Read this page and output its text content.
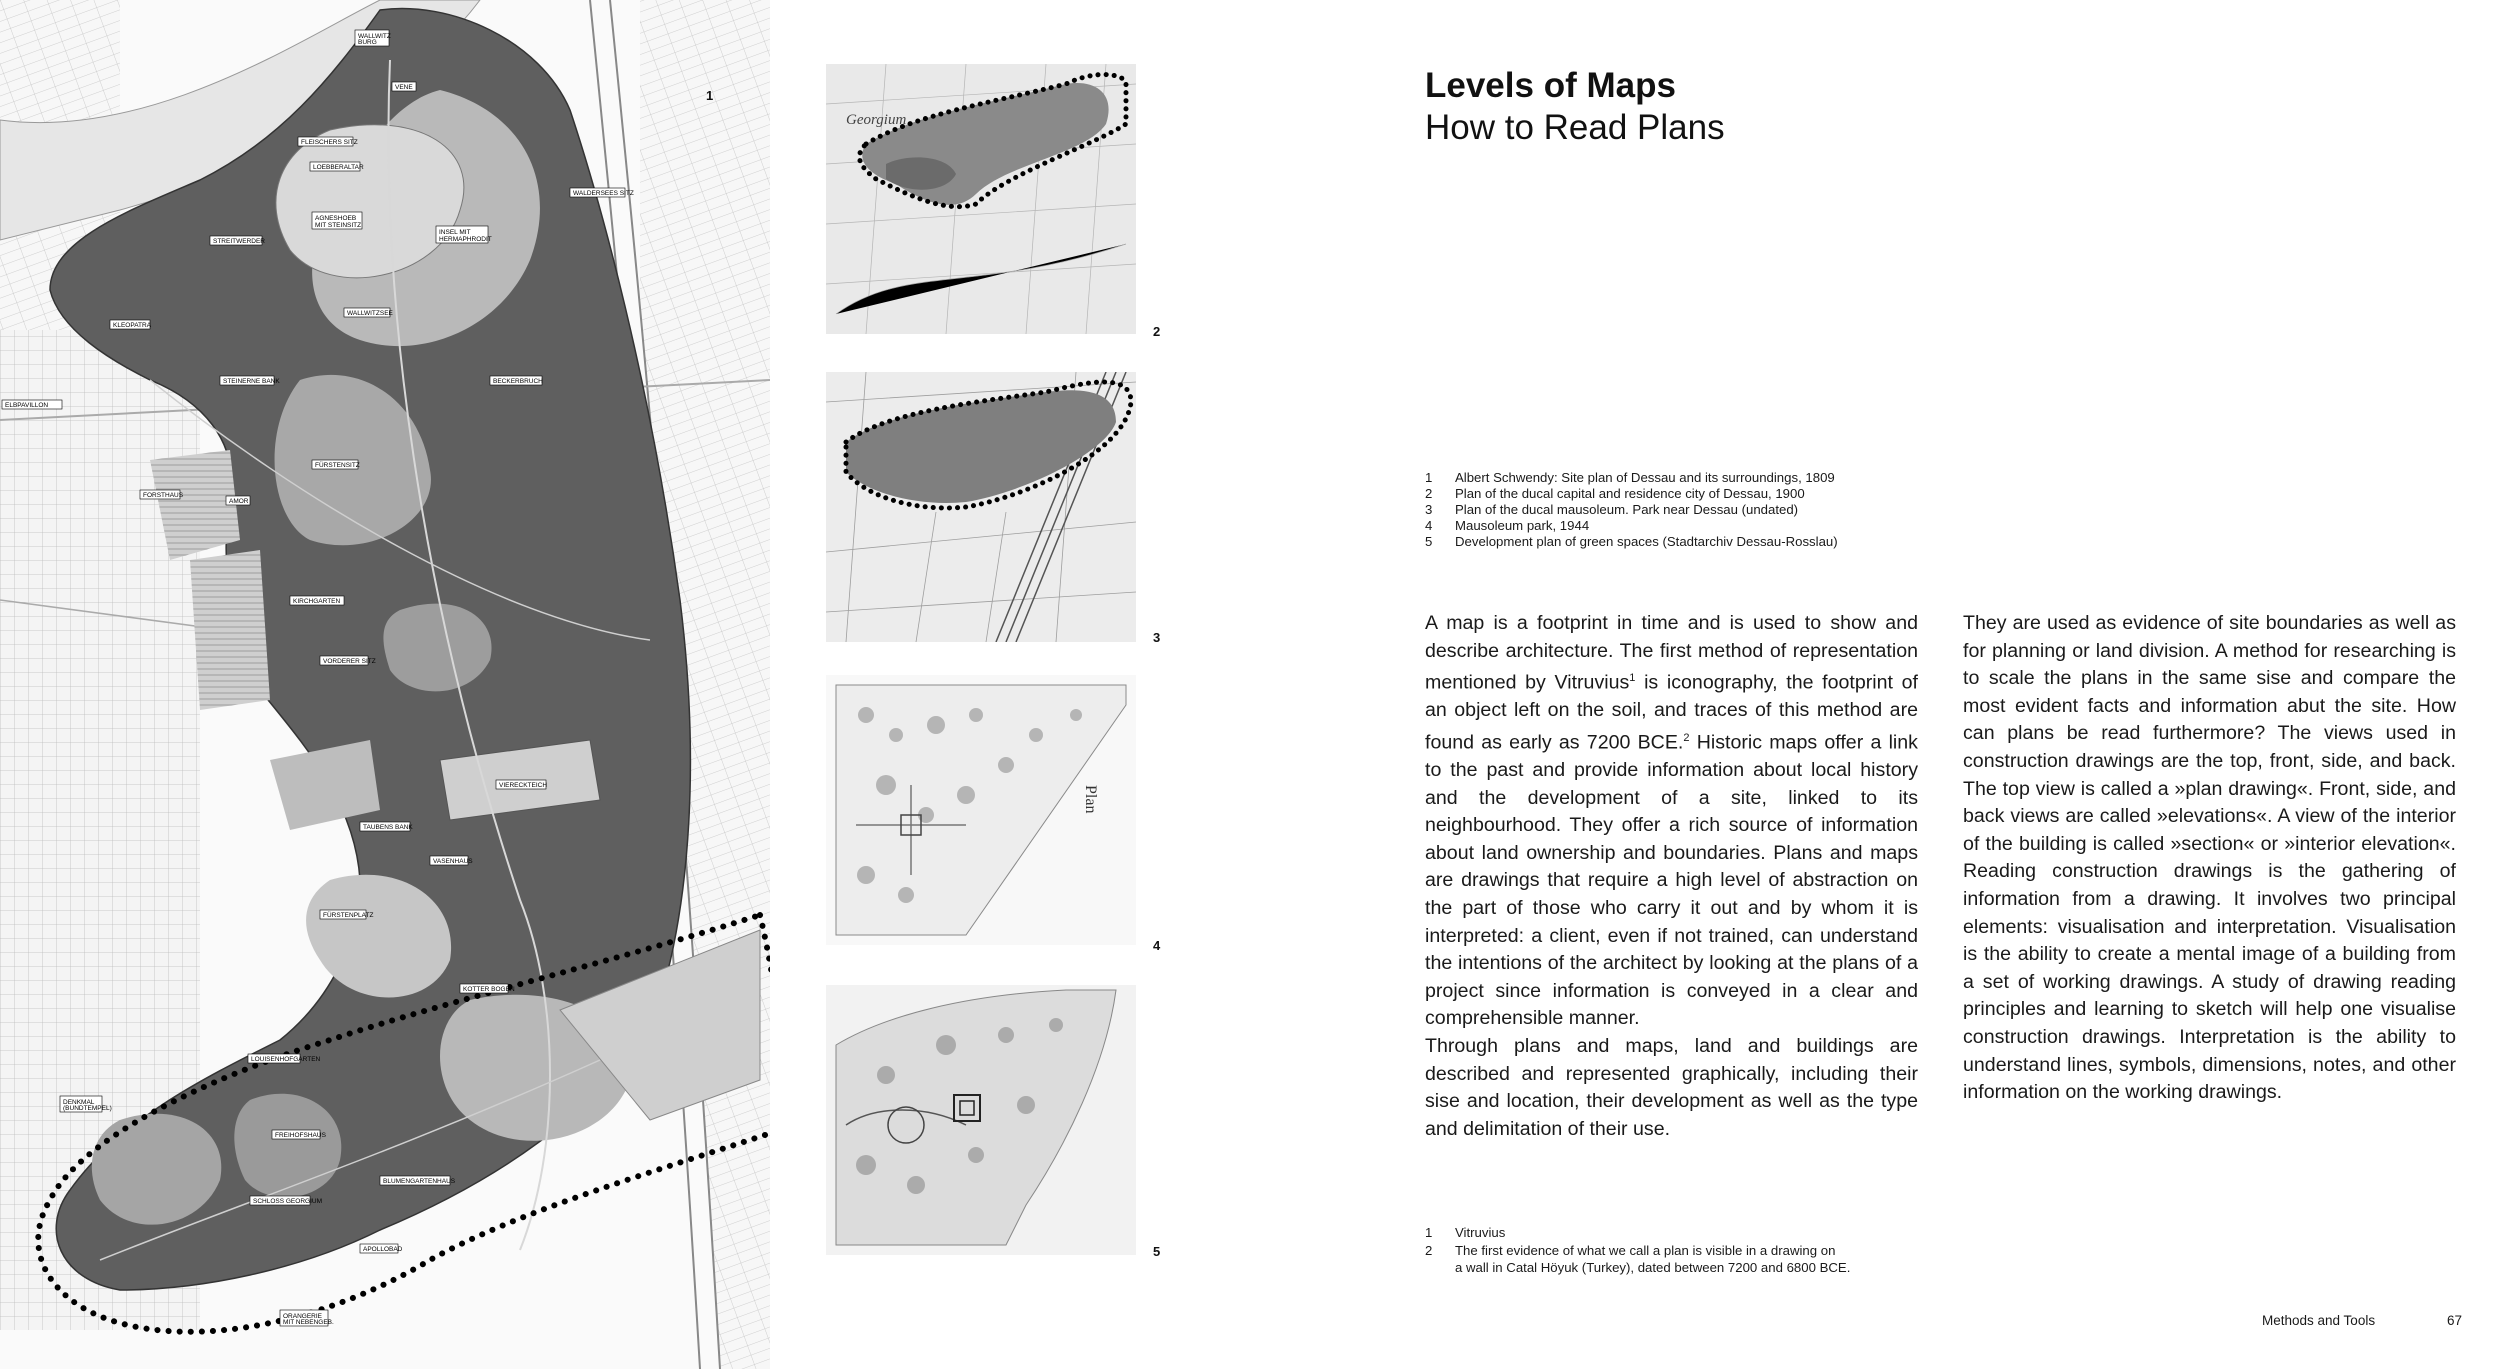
WALLWITZ
BURG
VENE
FLEISCHERS SITZ
LOEBBERALTAR
AGNESHOEB
MIT STEINSITZ
STREITWERDER
INSEL MIT
HERMAPHRODIT
WALDERSEES SITZ
WALLWITZSEE
KLEOPATRA
STEINERNE BANK	BECKERBRUCH
FÜRSTENSITZ
FORSTHAUS
AMOR
VORDERER SITZ
VIERECKTEICH
TAUBENS BANK
VASENHAUS
FÜRSTENPLATZ
KOTTER BOGEN
LOUISENHOFGARTEN
FREIHOFSHAUS
BLUMENGARTENHAUS
SCHLOSS GEORGIUM
APOLLOBAD
ORANGERIE
MIT NEBENGEB.
DENKMAL
(BUNDTEMPEL)
ELBPAVILLON
KIRCHGARTEN
1
Georgium
2
3
Plan
4
5
Levels of Maps
How to Read Plans
1 Albert Schwendy: Site plan of Dessau and its surroundings, 1809
2 Plan of the ducal capital and residence city of Dessau, 1900
3 Plan of the ducal mausoleum. Park near Dessau (undated)
4 Mausoleum park, 1944
5 Development plan of green spaces (Stadtarchiv Dessau-Rosslau)

A map is a footprint in time and is used to show and describe architecture. The first method of representation mentioned by Vitruvius$^1$ is iconography, the footprint of an object left on the soil, and traces of this method are found as early as 7200 BCE.$^2$ Historic maps offer a link to the past and provide information about local history and the development of a site, linked to its neighbourhood. They offer a rich source of information about land ownership and boundaries. Plans and maps are drawings that require a high level of abstraction on the part of those who carry it out and by whom it is interpreted: a client, even if not trained, can understand the intentions of the architect by looking at the plans of a project since information is conveyed in a clear and comprehensible manner.

Through plans and maps, land and buildings are described and represented graphically, including their sise and location, their development as well as the type and delimitation of their use.

They are used as evidence of site boundaries as well as for planning or land division. A method for researching is to scale the plans in the same sise and compare the most evident facts and information abut the site. How can plans be read furthermore? The views used in construction drawings are the top, front, side, and back. The top view is called a »plan drawing«. Front, side, and back views are called »elevations«. A view of the interior of the building is called »section« or »interior elevation«. Reading construction drawings is the gathering of information from a drawing. It involves two principal elements: visualisation and interpretation. Visualisation is the ability to create a mental image of a building from a set of working drawings. A study of drawing reading principles and learning to sketch will help one visualise construction drawings. Interpretation is the ability to understand lines, symbols, dimensions, notes, and other information on the working drawings.

1 Vitruvius
2 The first evidence of what we call a plan is visible in a drawing on
a wall in Catal Höyuk (Turkey), dated between 7200 and 6800 BCE.
Methods and Tools	67
